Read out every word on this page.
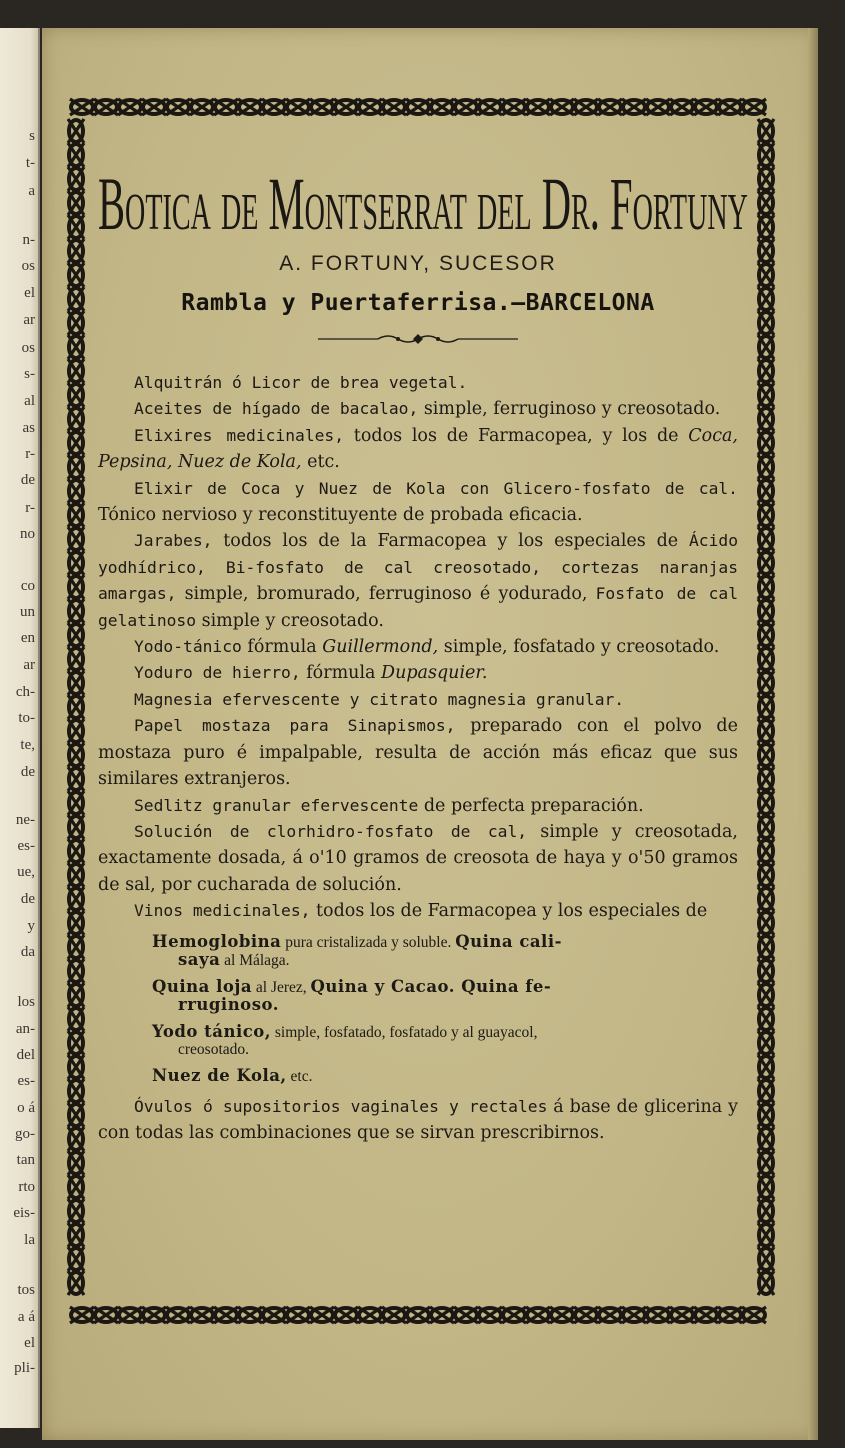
s
t-
a
n-
os
el
ar
os
s-
al
as
r-
de
r-
no
co
un
en
ar
ch-
to-
te,
de
ne-
es-
ue,
de
y
da
los
an-
del
es-
o á
go-
tan
rto
eis-
la
tos
a á
el
pli-
Botica de Montserrat del Dr. Fortuny
A. FORTUNY, SUCESOR
Rambla y Puertaferrisa.—BARCELONA

Alquitrán ó Licor de brea vegetal.

Aceites de hígado de bacalao, simple, ferruginoso y creosotado.

Elixires medicinales, todos los de Farmacopea, y los de Coca, Pepsina, Nuez de Kola, etc.

Elixir de Coca y Nuez de Kola con Glicero-fosfato de cal. Tónico nervioso y reconstituyente de probada eficacia.

Jarabes, todos los de la Farmacopea y los especiales de Ácido yodhídrico, Bi-fosfato de cal creosotado, cortezas naranjas amargas, simple, bromurado, ferruginoso é yodurado, Fosfato de cal gelatinoso simple y creosotado.

Yodo-tánico fórmula Guillermond, simple, fosfatado y creosotado.

Yoduro de hierro, fórmula Dupasquier.

Magnesia efervescente y citrato magnesia granular.

Papel mostaza para Sinapismos, preparado con el polvo de mostaza puro é impalpable, resulta de acción más eficaz que sus similares extranjeros.

Sedlitz granular efervescente de perfecta preparación.

Solución de clorhidro-fosfato de cal, simple y creosotada, exactamente dosada, á o'10 gramos de creosota de haya y o'50 gramos de sal, por cucharada de solución.

Vinos medicinales, todos los de Farmacopea y los especiales de

Hemoglobina pura cristalizada y soluble. Quina cali-
saya al Málaga.
Quina loja al Jerez, Quina y Cacao. Quina fe-
rruginoso.
Yodo tánico, simple, fosfatado, fosfatado y al guayacol,
creosotado.
Nuez de Kola, etc.

Óvulos ó supositorios vaginales y rectales á base de glicerina y con todas las combinaciones que se sirvan prescribirnos.
